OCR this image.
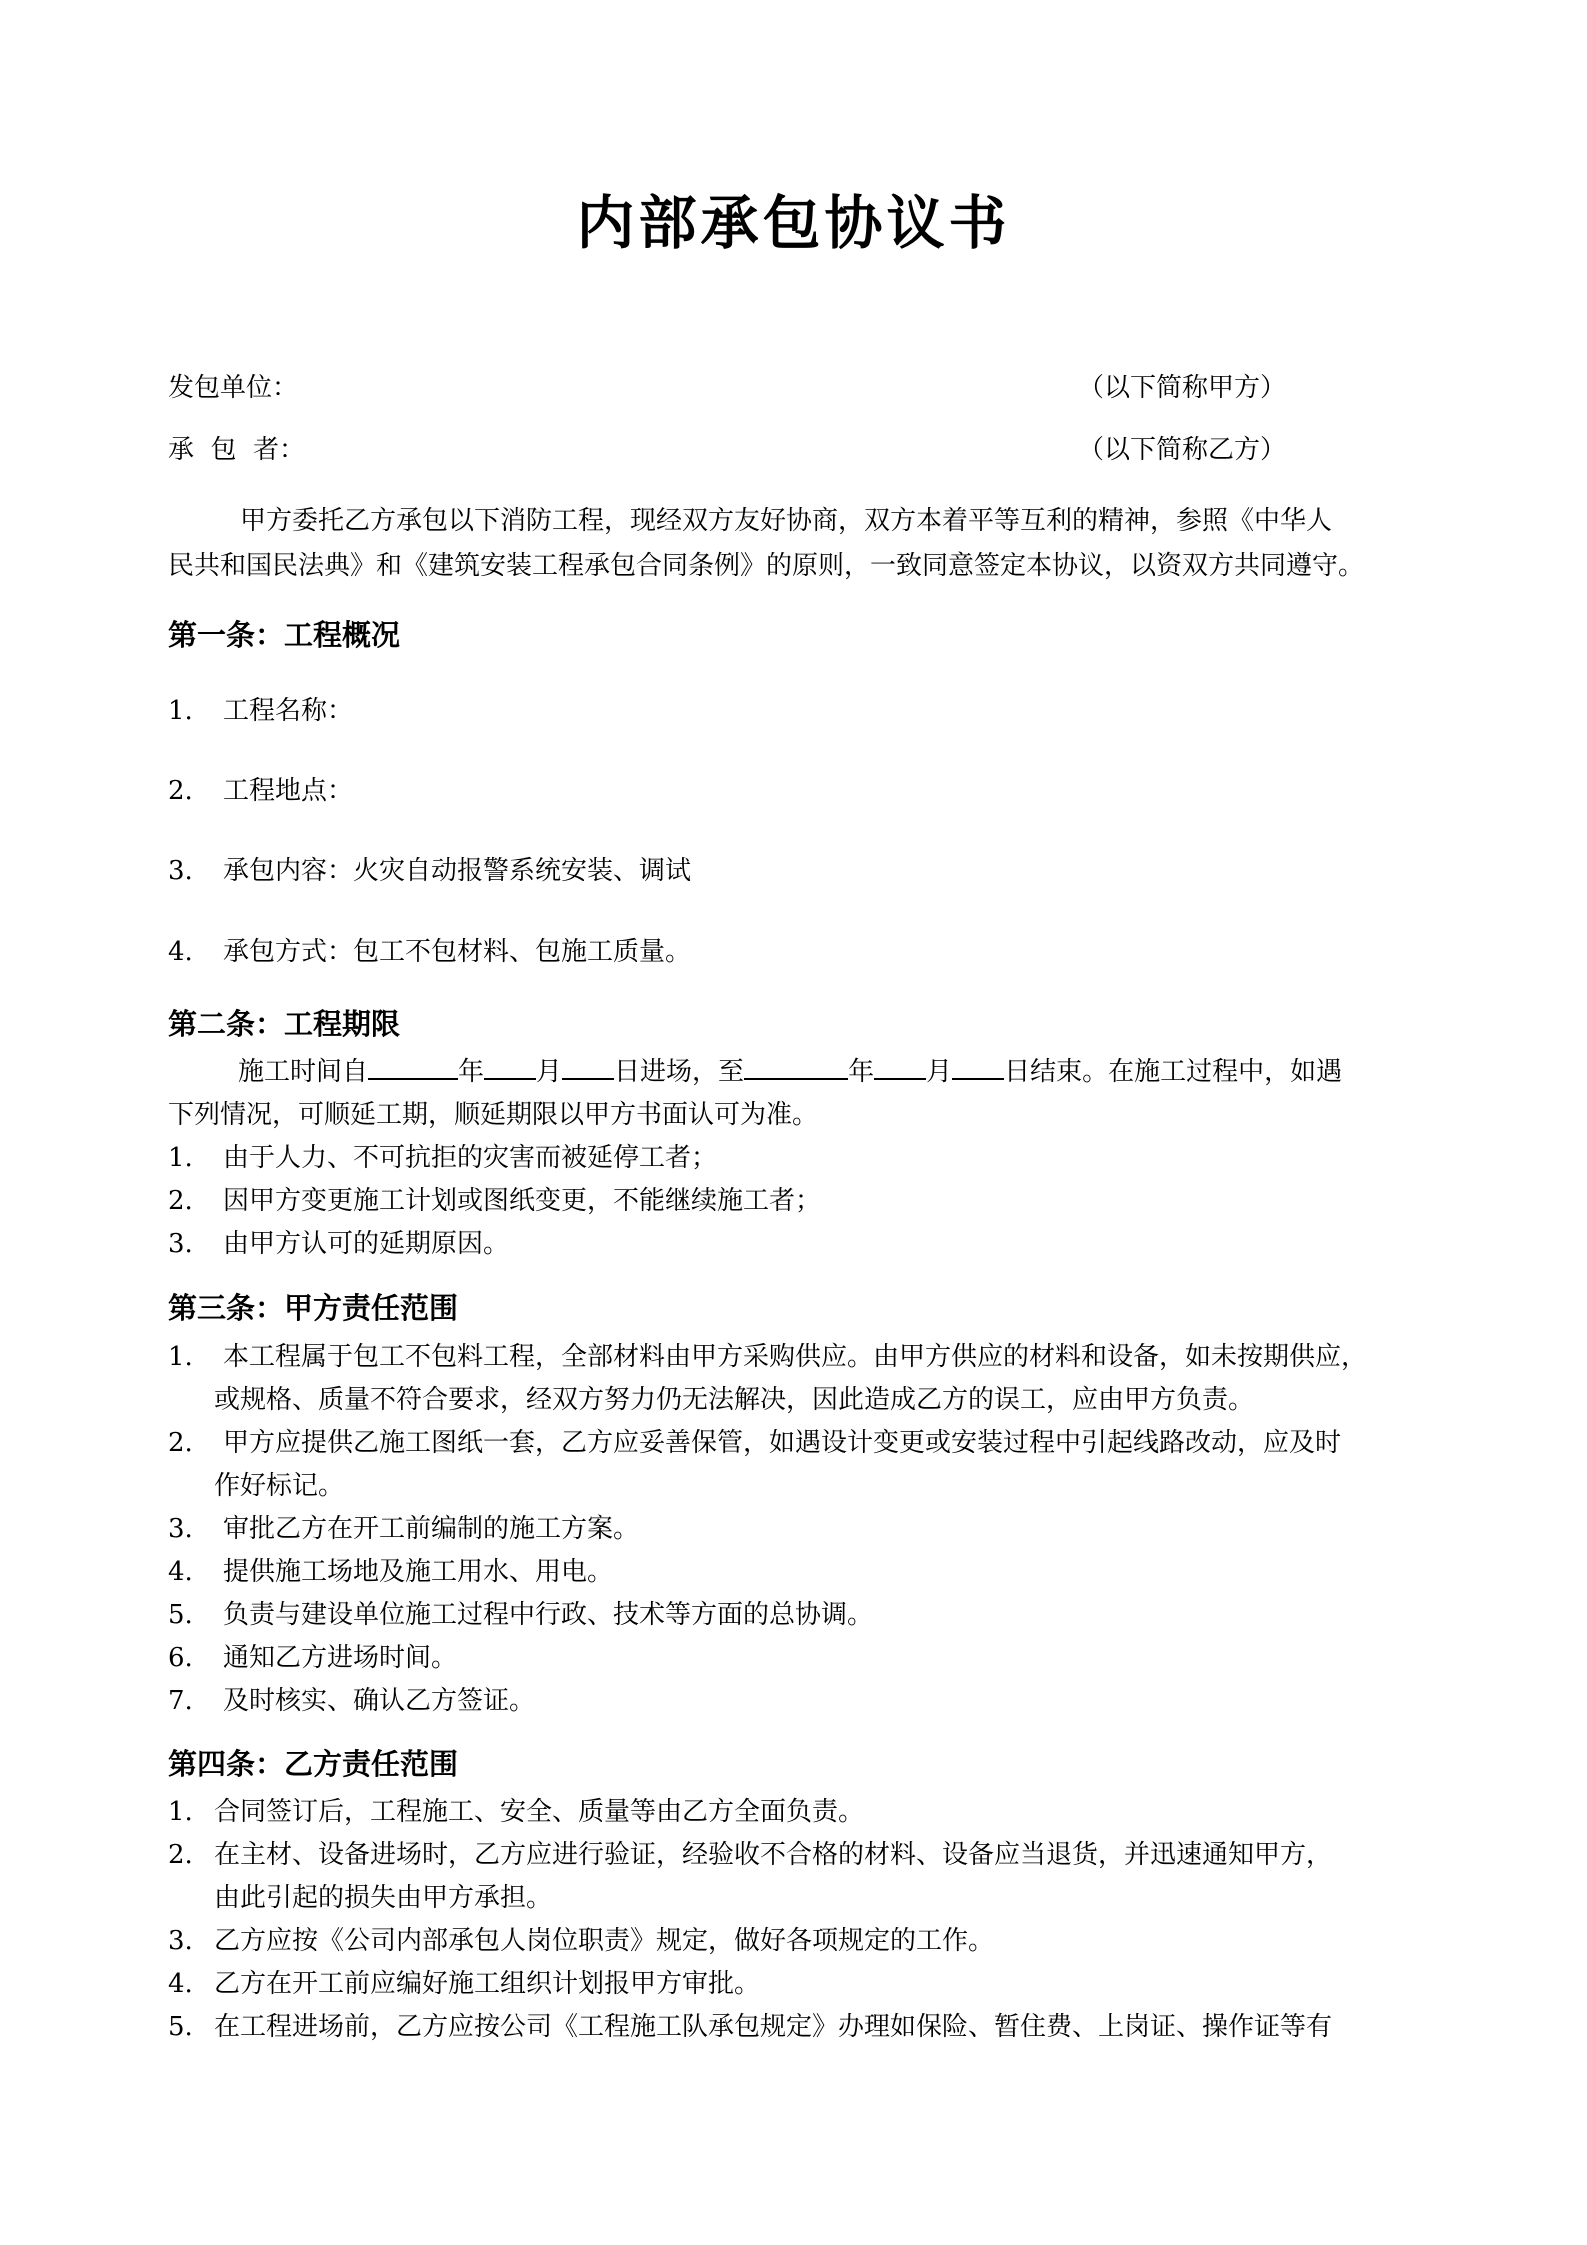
内部承包协议书
发包单位：	（以下简称甲方）
承  包  者：	（以下简称乙方）
甲方委托乙方承包以下消防工程，现经双方友好协商，双方本着平等互利的精神，参照《中华人
民共和国民法典》和《建筑安装工程承包合同条例》的原则，一致同意签定本协议，以资双方共同遵守。
第一条：工程概况
1. 工程名称：
2. 工程地点：
3. 承包内容：火灾自动报警系统安装、调试
4. 承包方式：包工不包材料、包施工质量。
第二条：工程期限
施工时间自	年 月 日进场，至	年 月 日结束。在施工过程中，如遇
下列情况，可顺延工期，顺延期限以甲方书面认可为准。
1. 由于人力、不可抗拒的灾害而被延停工者；
2. 因甲方变更施工计划或图纸变更，不能继续施工者；
3. 由甲方认可的延期原因。
第三条：甲方责任范围
1. 本工程属于包工不包料工程，全部材料由甲方采购供应。由甲方供应的材料和设备，如未按期供应，
或规格、质量不符合要求，经双方努力仍无法解决，因此造成乙方的误工，应由甲方负责。
2. 甲方应提供乙施工图纸一套，乙方应妥善保管，如遇设计变更或安装过程中引起线路改动，应及时
作好标记。
3. 审批乙方在开工前编制的施工方案。
4. 提供施工场地及施工用水、用电。
5. 负责与建设单位施工过程中行政、技术等方面的总协调。
6. 通知乙方进场时间。
7. 及时核实、确认乙方签证。
第四条：乙方责任范围
1. 合同签订后，工程施工、安全、质量等由乙方全面负责。
2. 在主材、设备进场时，乙方应进行验证，经验收不合格的材料、设备应当退货，并迅速通知甲方，
由此引起的损失由甲方承担。
3. 乙方应按《公司内部承包人岗位职责》规定，做好各项规定的工作。
4. 乙方在开工前应编好施工组织计划报甲方审批。
5. 在工程进场前，乙方应按公司《工程施工队承包规定》办理如保险、暂住费、上岗证、操作证等有
